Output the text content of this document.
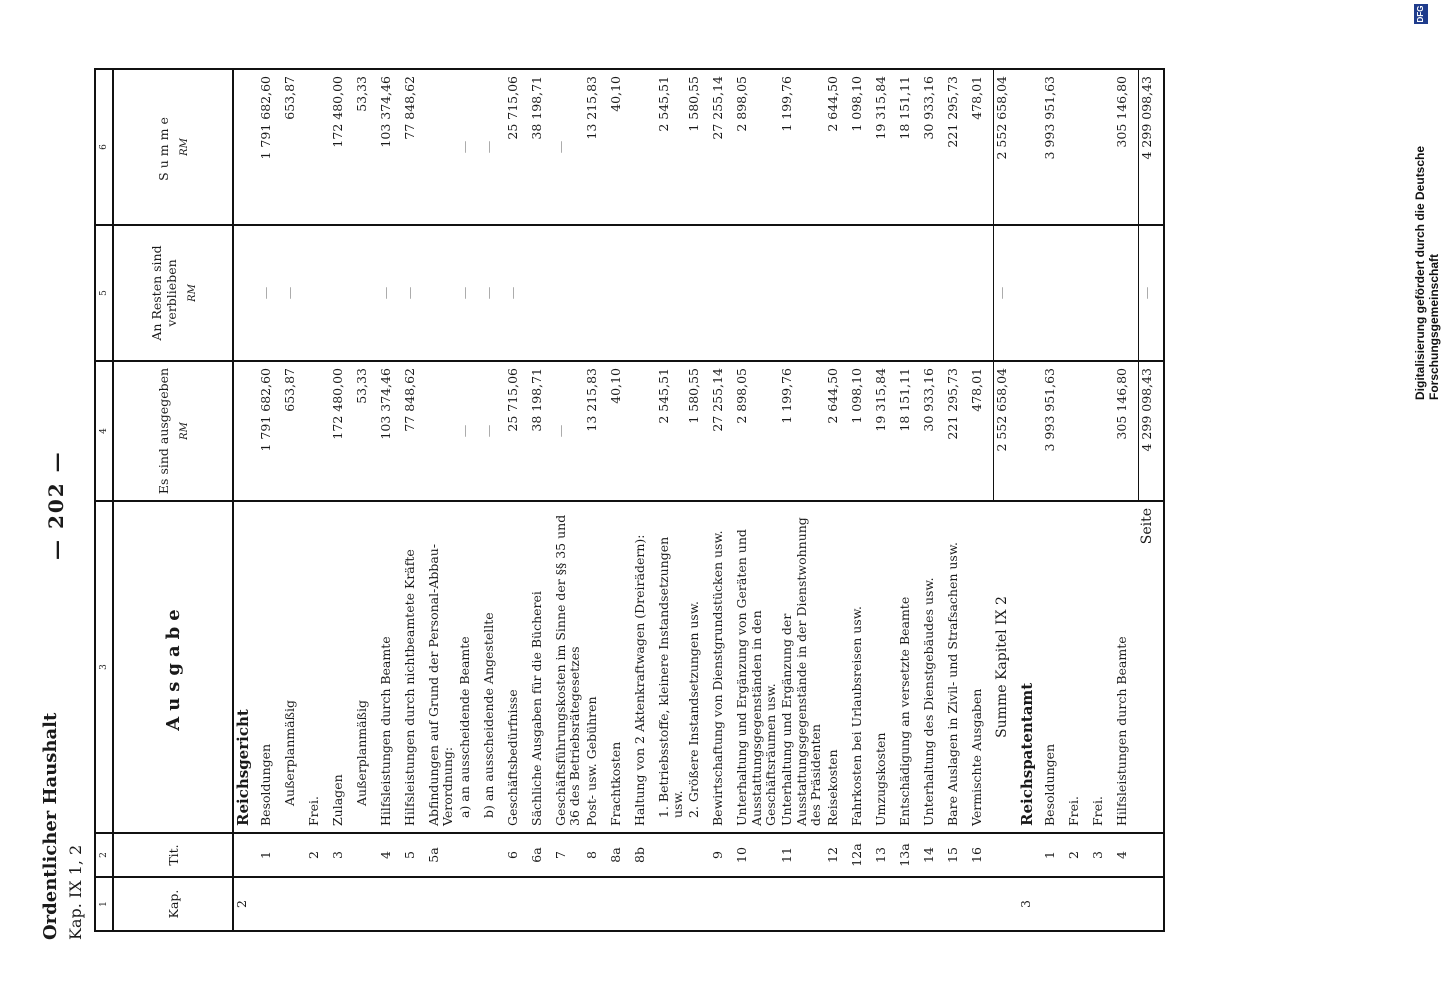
Ordentlicher Haushalt Kap. IX 1, 2
— 202 —
1	2	3	4	5	6
Kap.	Tit.	Ausgabe	Es sind ausgegeben RM	An Resten sind verblieben RM	Summe RM

2		Reichsgericht			
	1	Besoldungen	1 791 682,60	—	1 791 682,60
		Außerplanmäßig	653,87	—	653,87
	2	Frei.			
	3	Zulagen	172 480,00		172 480,00
		Außerplanmäßig	53,33		53,33
	4	Hilfsleistungen durch Beamte	103 374,46	—	103 374,46
	5	Hilfsleistungen durch nichtbeamtete Kräfte	77 848,62	—	77 848,62
	5a	Abfindungen auf Grund der Personal-Abbau-Verordnung:			
		a) an ausscheidende Beamte	—	—	—
		b) an ausscheidende Angestellte	—	—	—
	6	Geschäftsbedürfnisse	25 715,06	—	25 715,06
	6a	Sächliche Ausgaben für die Bücherei	38 198,71		38 198,71
	7	Geschäftsführungskosten im Sinne der §§ 35 und 36 des Betriebsrätegesetzes	—		—
	8	Post- usw. Gebühren	13 215,83		13 215,83
	8a	Frachtkosten	40,10		40,10
	8b	Haltung von 2 Aktenkraftwagen (Dreirädern):			
		1. Betriebsstoffe, kleinere Instandsetzungen usw.	2 545,51		2 545,51
		2. Größere Instandsetzungen usw.	1 580,55		1 580,55
	9	Bewirtschaftung von Dienstgrundstücken usw.	27 255,14		27 255,14
	10	Unterhaltung und Ergänzung von Geräten und Ausstattungsgegenständen in den Geschäftsräumen usw.	2 898,05		2 898,05
	11	Unterhaltung und Ergänzung der Ausstattungsgegenstände in der Dienstwohnung des Präsidenten	1 199,76		1 199,76
	12	Reisekosten	2 644,50		2 644,50
	12a	Fahrkosten bei Urlaubsreisen usw.	1 098,10		1 098,10
	13	Umzugskosten	19 315,84		19 315,84
	13a	Entschädigung an versetzte Beamte	18 151,11		18 151,11
	14	Unterhaltung des Dienstgebäudes usw.	30 933,16		30 933,16
	15	Bare Auslagen in Zivil- und Strafsachen usw.	221 295,73		221 295,73
	16	Vermischte Ausgaben	478,01		478,01
		Summe Kapitel IX 2	2 552 658,04	—	2 552 658,04
3		Reichspatentamt			
	1	Besoldungen	3 993 951,63		3 993 951,63
	2	Frei.			
	3	Frei.			
	4	Hilfsleistungen durch Beamte	305 146,80		305 146,80
		Seite	4 299 098,43	—	4 299 098,43
Digitalisierung gefördert durch die Deutsche Forschungsgemeinschaft
DFG
